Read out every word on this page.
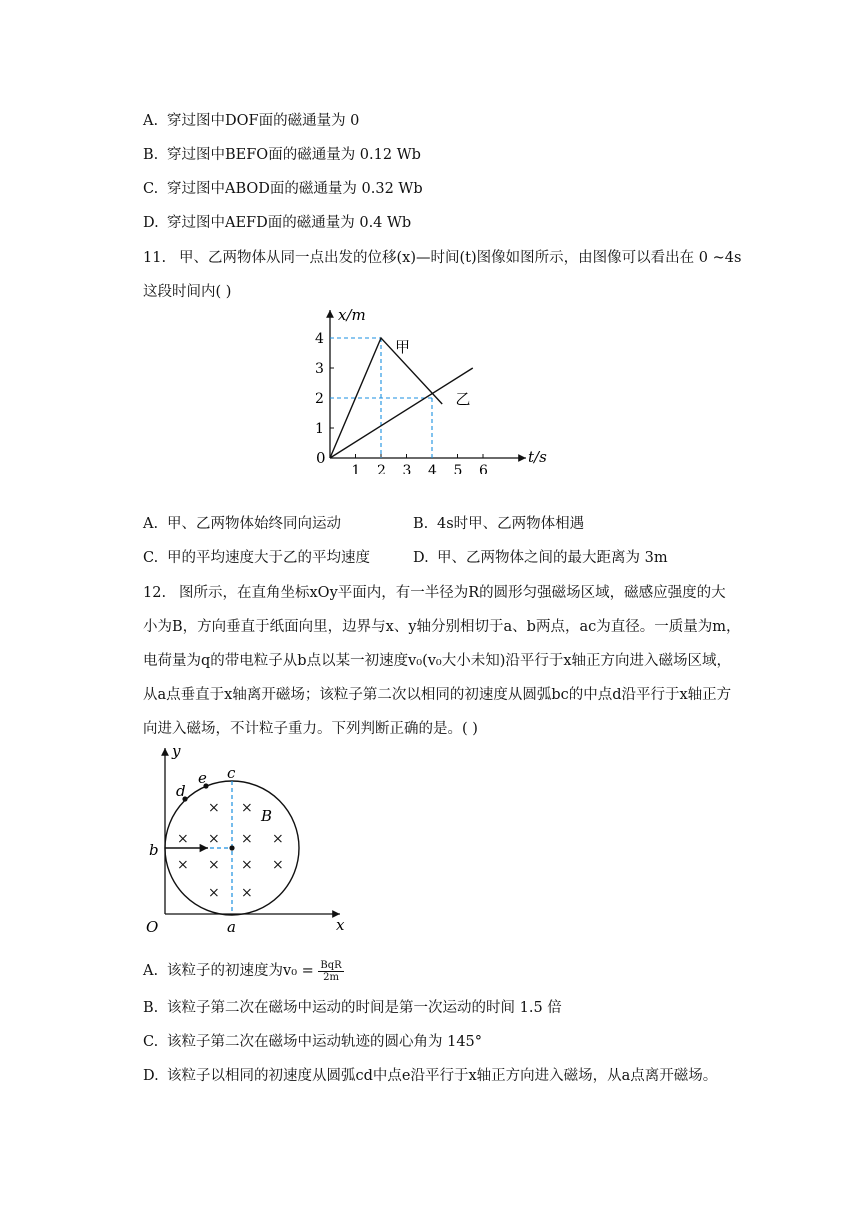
A. 穿过图中DOF面的磁通量为 0
B. 穿过图中BEFO面的磁通量为 0.12 Wb
C. 穿过图中ABOD面的磁通量为 0.32 Wb
D. 穿过图中AEFD面的磁通量为 0.4 Wb
11. 甲、乙两物体从同一点出发的位移(x)—时间(t)图像如图所示，由图像可以看出在 0 ~4s
这段时间内( )
x/m
t/s
0
1 2 3 4 5 6
1
2
3
4	甲
乙
A. 甲、乙两物体始终同向运动	B. 4s时甲、乙两物体相遇
C. 甲的平均速度大于乙的平均速度	D. 甲、乙两物体之间的最大距离为 3m
12. 图所示，在直角坐标xOy平面内，有一半径为R的圆形匀强磁场区域，磁感应强度的大
小为B，方向垂直于纸面向里，边界与x、y轴分别相切于a、b两点，ac为直径。一质量为m，
电荷量为q的带电粒子从b点以某一初速度v₀(v₀大小未知)沿平行于x轴正方向进入磁场区域，
从a点垂直于x轴离开磁场；该粒子第二次以相同的初速度从圆弧bc的中点d沿平行于x轴正方
向进入磁场，不计粒子重力。下列判断正确的是。( )
y
x
O
× ×
× × × ×
× × × ×
× ×
a
b
c
d
e
B
A. 该粒子的初速度为$v_0 = \frac{\text{BqR}}{2m}$
B. 该粒子第二次在磁场中运动的时间是第一次运动的时间 1.5 倍
C. 该粒子第二次在磁场中运动轨迹的圆心角为 145°
D. 该粒子以相同的初速度从圆弧cd中点e沿平行于x轴正方向进入磁场，从a点离开磁场。
